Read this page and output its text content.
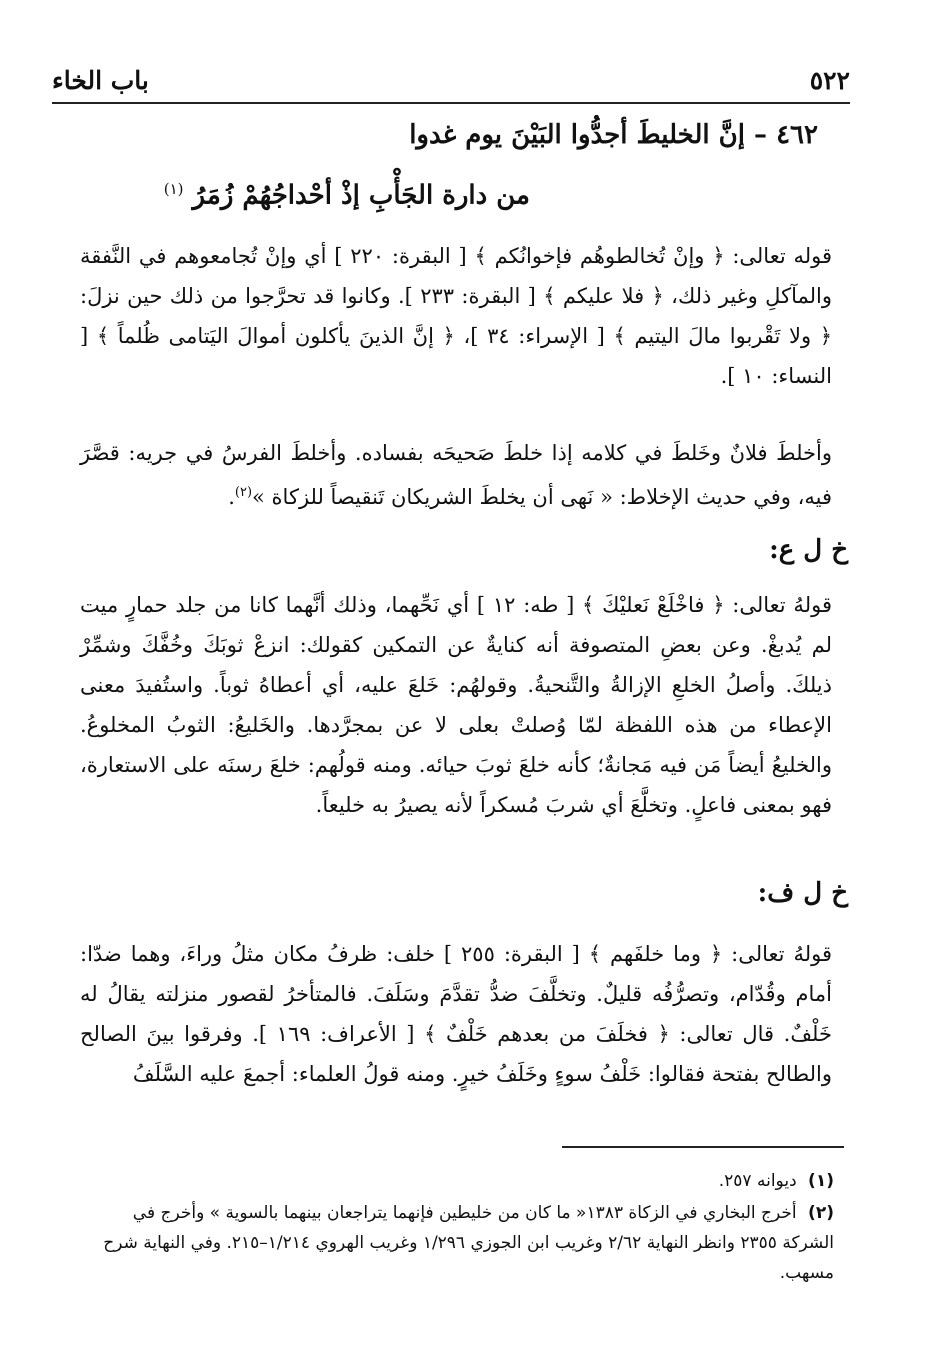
٥٢٢
باب الخاء
٤٦٢ – إنَّ الخليطَ أجدُّوا البَيْنَ يوم غدوا
من دارة الجَأْبِ إذْ أحْداجُهُمْ زُمَرُ $^{(١)}$

قوله تعالى: ﴿ وإنْ تُخالطوهُم فإخوانُكم ﴾ [ البقرة: ٢٢٠ ] أي وإنْ تُجامعوهم في النَّفقة والمآكلِ وغير ذلك، ﴿ فلا عليكم ﴾ [ البقرة: ٢٣٣ ]. وكانوا قد تحرَّجوا من ذلك حين نزلَ: ﴿ ولا تَقْربوا مالَ اليتيم ﴾ [ الإسراء: ٣٤ ]، ﴿ إنَّ الذينَ يأكلون أموالَ اليَتامى ظُلماً ﴾ [ النساء: ١٠ ].

وأخلطَ فلانٌ وخَلطَ في كلامه إذا خلطَ صَحيحَه بفساده. وأخلطَ الفرسُ في جريه: قصَّرَ فيه، وفي حديث الإخلاط: « نَهى أن يخلطَ الشريكان تَنقيصاً للزكاة »$^{(٢)}$.

خ ل ع:

قولهُ تعالى: ﴿ فاخْلَعْ نَعليْكَ ﴾ [ طه: ١٢ ] أي نَحِّهما، وذلك أنَّهما كانا من جلد حمارٍ ميت لم يُدبغْ. وعن بعضِ المتصوفة أنه كنايةٌ عن التمكين كقولك: انزعْ ثوبَكَ وخُفَّكَ وشمِّرْ ذيلكَ. وأصلُ الخلعِ الإزالةُ والتَّنحيةُ. وقولهُم: خَلعَ عليه، أي أعطاهُ ثوباً. واستُفيدَ معنى الإعطاء من هذه اللفظة لمّا وُصلتْ بعلى لا عن بمجرَّدها. والخَليعُ: الثوبُ المخلوعُ. والخليعُ أيضاً مَن فيه مَجانةٌ؛ كأنه خلعَ ثوبَ حيائه. ومنه قولُهم: خلعَ رسنَه على الاستعارة، فهو بمعنى فاعلٍ. وتخلَّعَ أي شربَ مُسكراً لأنه يصيرُ به خليعاً.

خ ل ف:

قولهُ تعالى: ﴿ وما خلفَهم ﴾ [ البقرة: ٢٥٥ ] خلف: ظرفُ مكان مثلُ وراءَ، وهما ضدّا: أمام وقُدّام، وتصرُّفُه قليلٌ. وتخلَّفَ ضدُّ تقدَّمَ وسَلَفَ. فالمتأخرُ لقصور منزلته يقالُ له خَلْفٌ. قال تعالى: ﴿ فخلَفَ من بعدهم خَلْفٌ ﴾ [ الأعراف: ١٦٩ ]. وفرقوا بينَ الصالح والطالح بفتحة فقالوا: خَلْفُ سوءٍ وخَلَفُ خيرٍ. ومنه قولُ العلماء: أجمعَ عليه السَّلَفُ

(١) ديوانه ٢٥٧.

(٢) أخرج البخاري في الزكاة ١٣٨٣« ما كان من خليطين فإنهما يتراجعان بينهما بالسوية » وأخرج في الشركة ٢٣٥٥ وانظر النهاية ٢/٦٢ وغريب ابن الجوزي ١/٢٩٦ وغريب الهروي ١/٢١٤–٢١٥. وفي النهاية شرح مسهب.
